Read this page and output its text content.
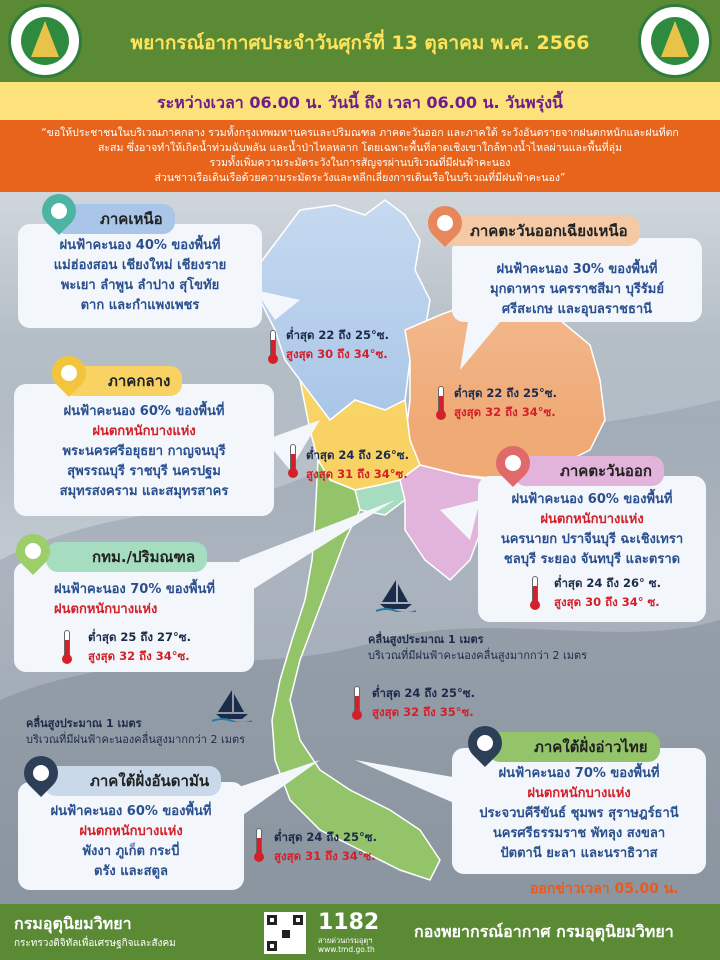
พยากรณ์อากาศประจำวันศุกร์ที่ 13 ตุลาคม พ.ศ. 2566
ระหว่างเวลา 06.00 น. วันนี้ ถึง เวลา 06.00 น. วันพรุ่งนี้
“ขอให้ประชาชนในบริเวณภาคกลาง รวมทั้งกรุงเทพมหานครและปริมณฑล ภาคตะวันออก และภาคใต้ ระวังอันตรายจากฝนตกหนักและฝนที่ตก
สะสม ซึ่งอาจทำให้เกิดน้ำท่วมฉับพลัน และน้ำป่าไหลหลาก โดยเฉพาะพื้นที่ลาดเชิงเขาใกล้ทางน้ำไหลผ่านและพื้นที่ลุ่ม
รวมทั้งเพิ่มความระมัดระวังในการสัญจรผ่านบริเวณที่มีฝนฟ้าคะนอง
ส่วนชาวเรือเดินเรือด้วยความระมัดระวังและหลีกเลี่ยงการเดินเรือในบริเวณที่มีฝนฟ้าคะนอง”
ฝนฟ้าคะนอง 40% ของพื้นที่
แม่ฮ่องสอน เชียงใหม่ เชียงราย
พะเยา ลำพูน ลำปาง สุโขทัย
ตาก และกำแพงเพชร
ภาคเหนือ
ต่ำสุด 22 ถึง 25°ซ.
สูงสุด 30 ถึง 34°ซ.
ฝนฟ้าคะนอง 30% ของพื้นที่
มุกดาหาร นครราชสีมา บุรีรัมย์
ศรีสะเกษ และอุบลราชธานี
ภาคตะวันออกเฉียงเหนือ
ต่ำสุด 22 ถึง 25°ซ.
สูงสุด 32 ถึง 34°ซ.
ฝนฟ้าคะนอง 60% ของพื้นที่
ฝนตกหนักบางแห่ง
พระนครศรีอยุธยา กาญจนบุรี
สุพรรณบุรี ราชบุรี นครปฐม
สมุทรสงคราม และสมุทรสาคร
ภาคกลาง
ต่ำสุด 24 ถึง 26°ซ.
สูงสุด 31 ถึง 34°ซ.
ฝนฟ้าคะนอง 60% ของพื้นที่
ฝนตกหนักบางแห่ง
นครนายก ปราจีนบุรี ฉะเชิงเทรา
ชลบุรี ระยอง จันทบุรี และตราด
ภาคตะวันออก
ต่ำสุด 24 ถึง 26° ซ.
สูงสุด 30 ถึง 34° ซ.
ฝนฟ้าคะนอง 70% ของพื้นที่
ฝนตกหนักบางแห่ง
กทม./ปริมณฑล
ต่ำสุด 25 ถึง 27°ซ.
สูงสุด 32 ถึง 34°ซ.
คลื่นสูงประมาณ 1 เมตร
บริเวณที่มีฝนฟ้าคะนองคลื่นสูงมากกว่า 2 เมตร
คลื่นสูงประมาณ 1 เมตร
บริเวณที่มีฝนฟ้าคะนองคลื่นสูงมากกว่า 2 เมตร
ต่ำสุด 24 ถึง 25°ซ.
สูงสุด 32 ถึง 35°ซ.
ฝนฟ้าคะนอง 70% ของพื้นที่
ฝนตกหนักบางแห่ง
ประจวบคีรีขันธ์ ชุมพร สุราษฎร์ธานี
นครศรีธรรมราช พัทลุง สงขลา
ปัตตานี ยะลา และนราธิวาส
ภาคใต้ฝั่งอ่าวไทย
ฝนฟ้าคะนอง 60% ของพื้นที่
ฝนตกหนักบางแห่ง
พังงา ภูเก็ต กระบี่
ตรัง และสตูล
ภาคใต้ฝั่งอันดามัน
ต่ำสุด 24 ถึง 25°ซ.
สูงสุด 31 ถึง 34°ซ.
ออกข่าวเวลา 05.00 น.
กรมอุตุนิยมวิทยา
กระทรวงดิจิทัลเพื่อเศรษฐกิจและสังคม
1182
สายด่วนกรมอุตุฯ
www.tmd.go.th
กองพยากรณ์อากาศ กรมอุตุนิยมวิทยา
